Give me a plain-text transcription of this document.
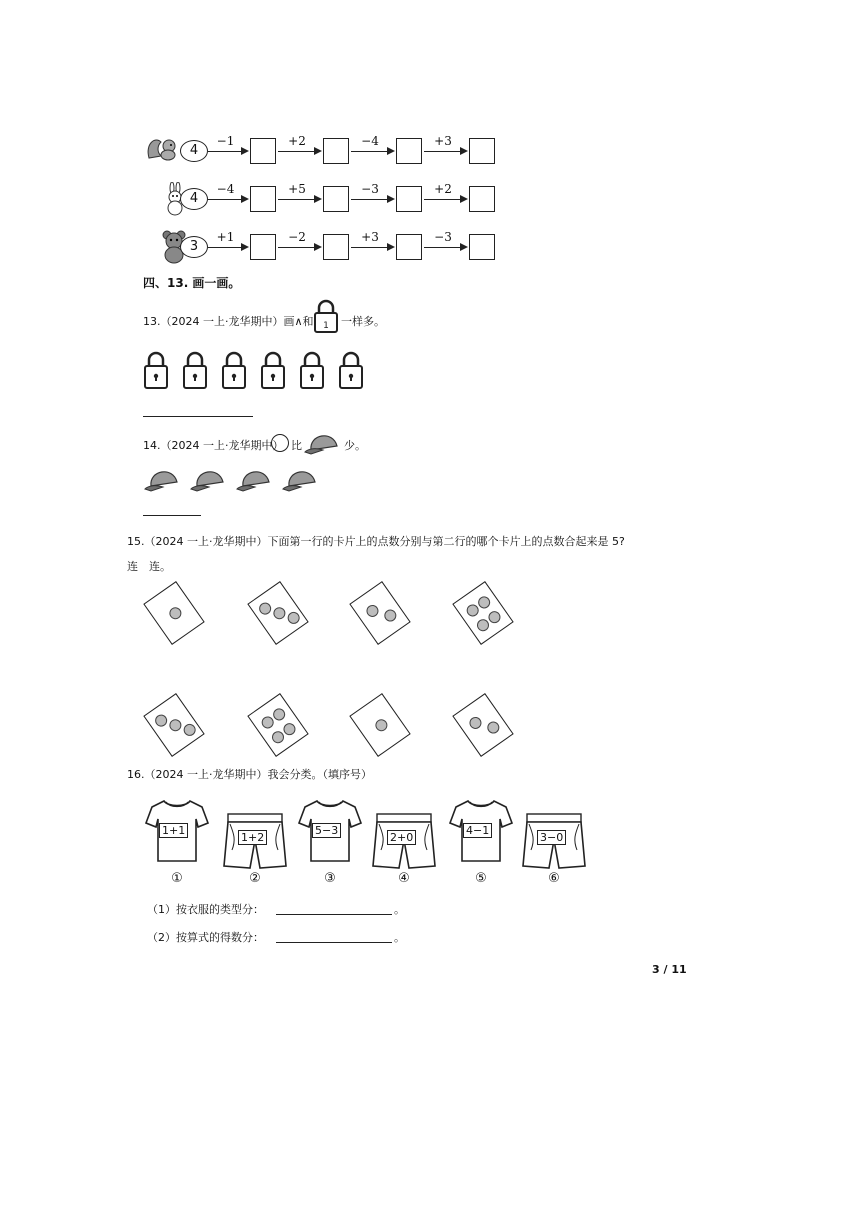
4
−1	+2	−4	+3
4
−4	+5	−3	+2
3
+1	−2	+3	−3
四、13. 画一画。
13.（2024 一上·龙华期中）画∧和 1 一样多。
14.（2024 一上·龙华期中） 比	少。
15.（2024 一上·龙华期中）下面第一行的卡片上的点数分别与第二行的哪个卡片上的点数合起来是 5?
连　连。
16.（2024 一上·龙华期中）我会分类。（填序号）
1+1
①
1+2
②
5−3
③
2+0
④
4−1
⑤
3−0
⑥
（1）按衣服的类型分：	。
（2）按算式的得数分：	。
3 / 11
